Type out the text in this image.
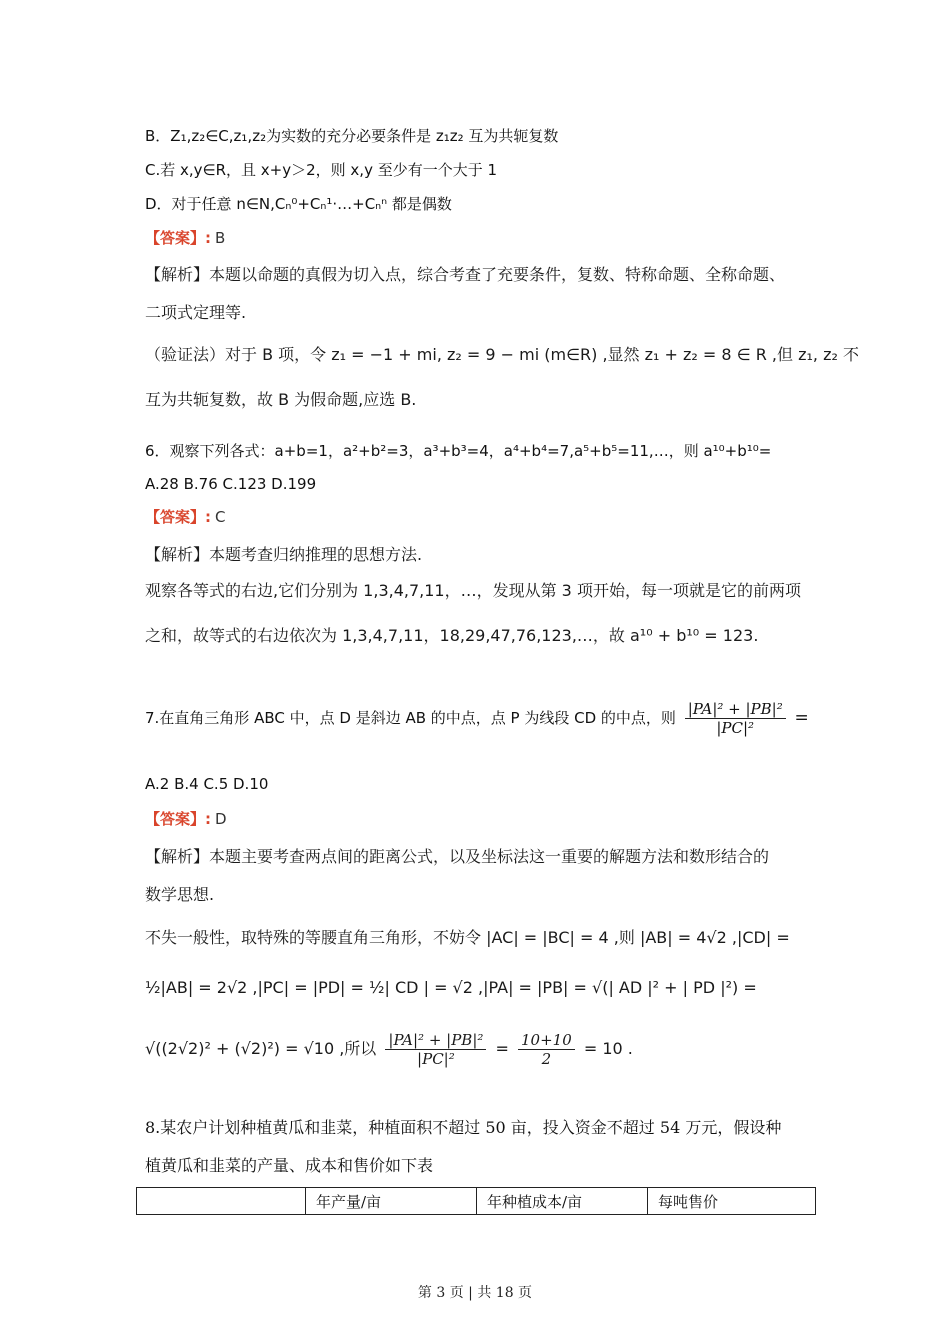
B．Z₁,z₂∈C,z₁,z₂为实数的充分必要条件是 z₁z₂ 互为共轭复数
C.若 x,y∈R，且 x+y＞2，则 x,y 至少有一个大于 1
D．对于任意 n∈N,Cₙ⁰+Cₙ¹·…+Cₙⁿ 都是偶数
【答案】: B
【解析】本题以命题的真假为切入点，综合考查了充要条件，复数、特称命题、全称命题、
二项式定理等.
（验证法）对于 B 项，令 z₁ = −1 + mi, z₂ = 9 − mi (m∈R) ,显然 z₁ + z₂ = 8 ∈ R ,但 z₁, z₂ 不
互为共轭复数，故 B 为假命题,应选 B.
6．观察下列各式：a+b=1，a²+b²=3，a³+b³=4，a⁴+b⁴=7,a⁵+b⁵=11,…，则 a¹⁰+b¹⁰=
A.28 B.76 C.123 D.199
【答案】: C
【解析】本题考查归纳推理的思想方法.
观察各等式的右边,它们分别为 1,3,4,7,11，…，发现从第 3 项开始，每一项就是它的前两项
之和，故等式的右边依次为 1,3,4,7,11，18,29,47,76,123,…，故 a¹⁰ + b¹⁰ = 123.
7.在直角三角形 ABC 中，点 D 是斜边 AB 的中点，点 P 为线段 CD 的中点，则 $\frac{\text{|PA|² + |PB|²}}{\text{|PC|²}}$ =
A.2 B.4 C.5 D.10
【答案】: D
【解析】本题主要考查两点间的距离公式，以及坐标法这一重要的解题方法和数形结合的
数学思想.
不失一般性，取特殊的等腰直角三角形，不妨令 |AC| = |BC| = 4 ,则 |AB| = 4√2 ,|CD| =
½|AB| = 2√2 ,|PC| = |PD| = ½| CD | = √2 ,|PA| = |PB| = √(| AD |² + | PD |²) =
√((2√2)² + (√2)²) = √10 ,所以 $\frac{\text{|PA|² + |PB|²}}{\text{|PC|²}} = \frac{10+10}{2} = 10$ .
8.某农户计划种植黄瓜和韭菜，种植面积不超过 50 亩，投入资金不超过 54 万元，假设种
植黄瓜和韭菜的产量、成本和售价如下表
	年产量/亩	年种植成本/亩	每吨售价
第 3 页 | 共 18 页
